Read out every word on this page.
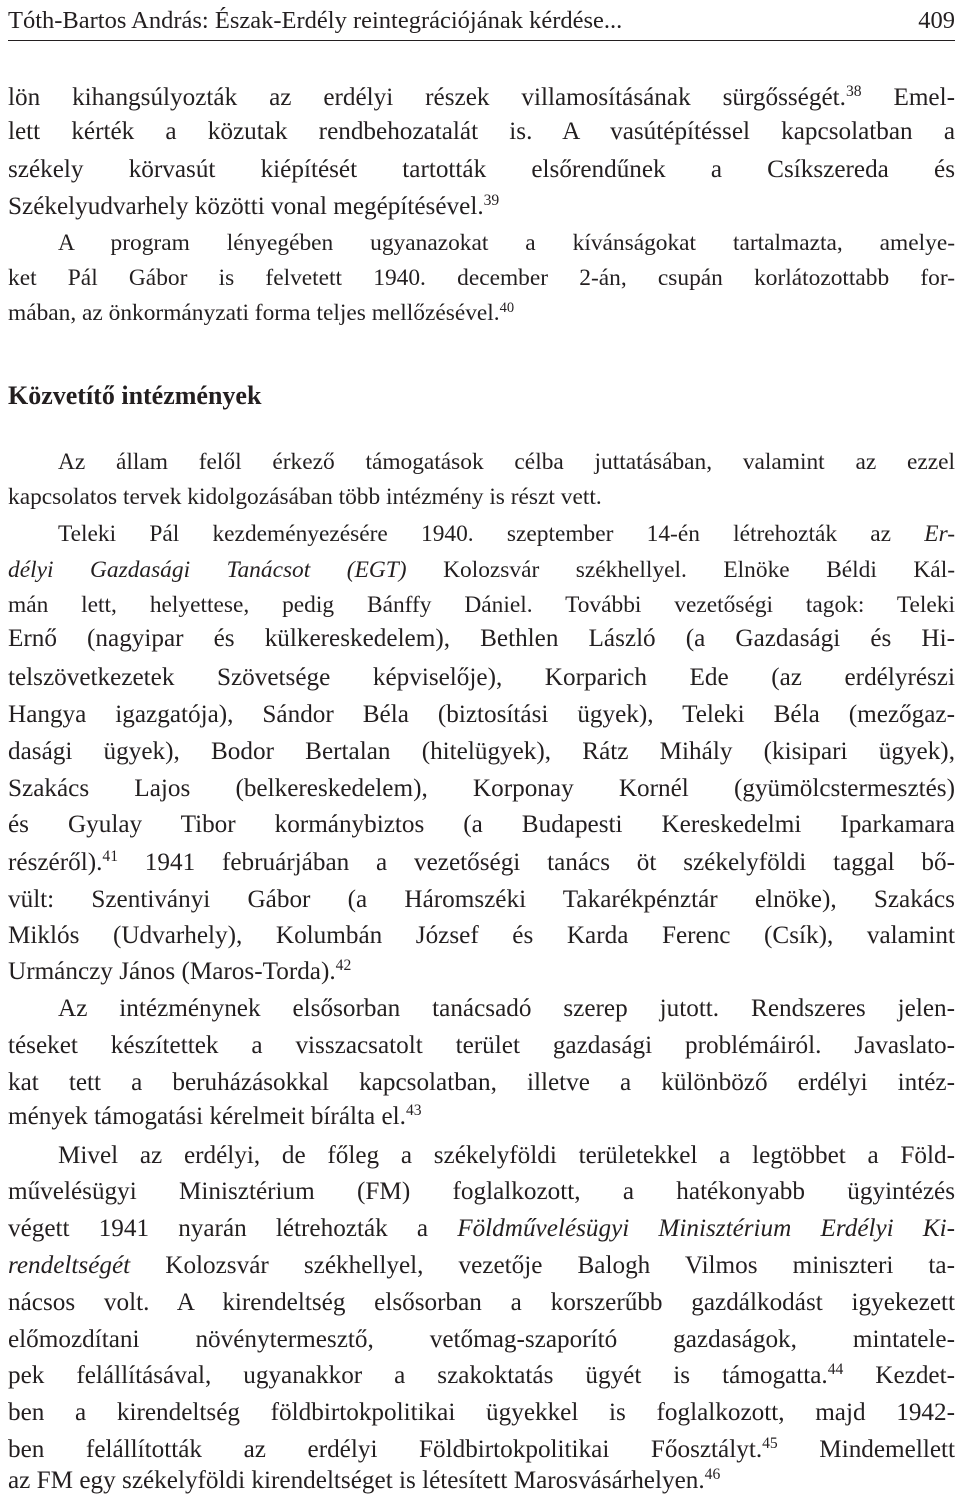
Tóth-Bartos András: Észak-Erdély reintegrációjának kérdése...	409
lön kihangsúlyozták az erdélyi részek villamosításának sürgősségét.$^{38}$ Emel-
lett kérték a közutak rendbehozatalát is. A vasútépítéssel kapcsolatban a
székely körvasút kiépítését tartották elsőrendűnek a Csíkszereda és
Székelyudvarhely közötti vonal megépítésével.$^{39}$
A program lényegében ugyanazokat a kívánságokat tartalmazta, amelye-
ket Pál Gábor is felvetett 1940. december 2-án, csupán korlátozottabb for-
mában, az önkormányzati forma teljes mellőzésével.$^{40}$
Közvetítő intézmények
Az állam felől érkező támogatások célba juttatásában, valamint az ezzel
kapcsolatos tervek kidolgozásában több intézmény is részt vett.
Teleki Pál kezdeményezésére 1940. szeptember 14-én létrehozták az Er-
délyi Gazdasági Tanácsot (EGT) Kolozsvár székhellyel. Elnöke Béldi Kál-
mán lett, helyettese, pedig Bánffy Dániel. További vezetőségi tagok: Teleki
Ernő (nagyipar és külkereskedelem), Bethlen László (a Gazdasági és Hi-
telszövetkezetek Szövetsége képviselője), Korparich Ede (az erdélyrészi
Hangya igazgatója), Sándor Béla (biztosítási ügyek), Teleki Béla (mezőgaz-
dasági ügyek), Bodor Bertalan (hitelügyek), Rátz Mihály (kisipari ügyek),
Szakács Lajos (belkereskedelem), Korponay Kornél (gyümölcstermesztés)
és Gyulay Tibor kormánybiztos (a Budapesti Kereskedelmi Iparkamara
részéről).$^{41}$ 1941 februárjában a vezetőségi tanács öt székelyföldi taggal bő-
vült: Szentiványi Gábor (a Háromszéki Takarékpénztár elnöke), Szakács
Miklós (Udvarhely), Kolumbán József és Karda Ferenc (Csík), valamint
Urmánczy János (Maros-Torda).$^{42}$
Az intézménynek elsősorban tanácsadó szerep jutott. Rendszeres jelen-
téseket készítettek a visszacsatolt terület gazdasági problémáiról. Javaslato-
kat tett a beruházásokkal kapcsolatban, illetve a különböző erdélyi intéz-
mények támogatási kérelmeit bírálta el.$^{43}$
Mivel az erdélyi, de főleg a székelyföldi területekkel a legtöbbet a Föld-
művelésügyi Minisztérium (FM) foglalkozott, a hatékonyabb ügyintézés
végett 1941 nyarán létrehozták a Földművelésügyi Minisztérium Erdélyi Ki-
rendeltségét Kolozsvár székhellyel, vezetője Balogh Vilmos miniszteri ta-
nácsos volt. A kirendeltség elsősorban a korszerűbb gazdálkodást igyekezett
előmozdítani növénytermesztő, vetőmag-szaporító gazdaságok, mintatele-
pek felállításával, ugyanakkor a szakoktatás ügyét is támogatta.$^{44}$ Kezdet-
ben a kirendeltség földbirtokpolitikai ügyekkel is foglalkozott, majd 1942-
ben felállították az erdélyi Földbirtokpolitikai Főosztályt.$^{45}$ Mindemellett
az FM egy székelyföldi kirendeltséget is létesített Marosvásárhelyen.$^{46}$
